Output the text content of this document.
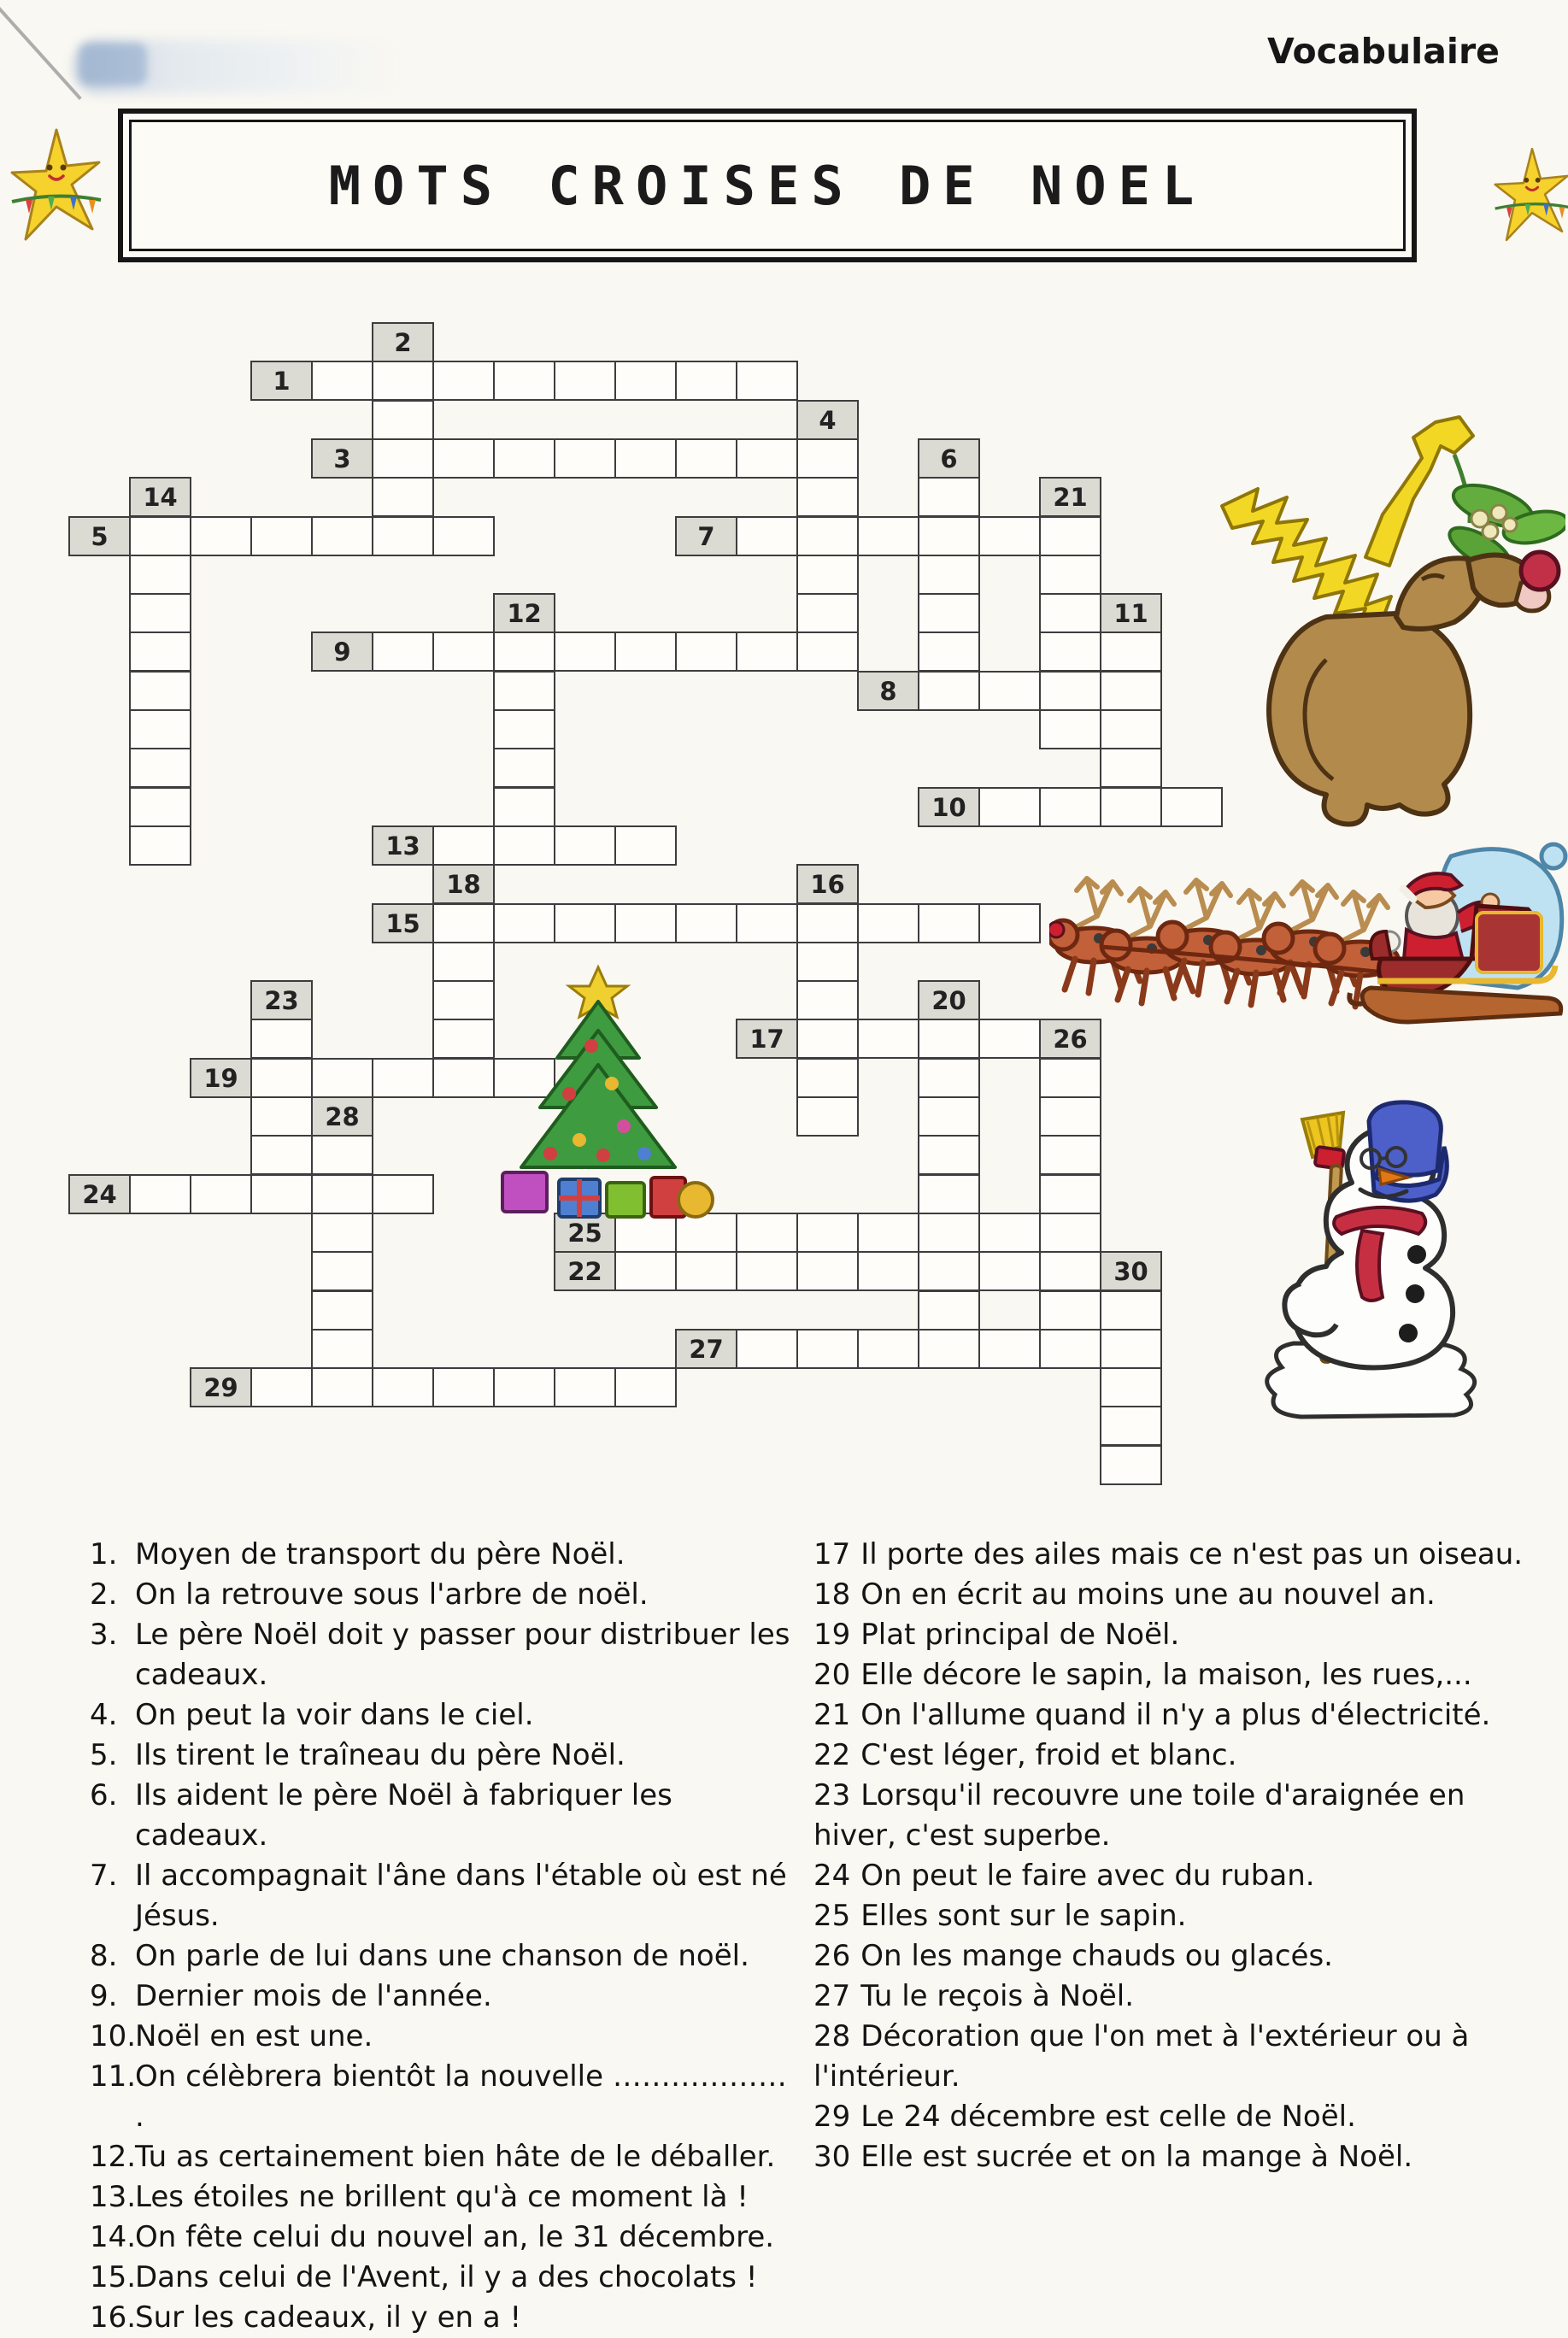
Vocabulaire
MOTS CROISES DE NOEL
1
2
3
4
5
6
7
8
9
10
11
12
13
14
15
16
17
18
19
20
21
22
23
24
25
26
27
28
29
30

1. Moyen de transport du père Noël.

2. On la retrouve sous l'arbre de noël.

3. Le père Noël doit y passer pour distribuer les cadeaux.

4. On peut la voir dans le ciel.

5. Ils tirent le traîneau du père Noël.

6. Ils aident le père Noël à fabriquer les cadeaux.

7. Il accompagnait l'âne dans l'étable où est né Jésus.

8. On parle de lui dans une chanson de noël.

9. Dernier mois de l'année.

10.
Noël en est une.

11.
On célèbrera bientôt la nouvelle ……………… .

12.
Tu as certainement bien hâte de le déballer.

13.
Les étoiles ne brillent qu'à ce moment là !

14.
On fête celui du nouvel an, le 31 décembre.

15.
Dans celui de l'Avent, il y a des chocolats !

16.
Sur les cadeaux, il y en a !

17 Il porte des ailes mais ce n'est pas un oiseau.

18 On en écrit au moins une au nouvel an.

19 Plat principal de Noël.

20 Elle décore le sapin, la maison, les rues,...

21 On l'allume quand il n'y a plus d'électricité.

22 C'est léger, froid et blanc.

23 Lorsqu'il recouvre une toile d'araignée en hiver, c'est superbe.

24 On peut le faire avec du ruban.

25 Elles sont sur le sapin.

26 On les mange chauds ou glacés.

27 Tu le reçois à Noël.

28 Décoration que l'on met à l'extérieur ou à l'intérieur.

29 Le 24 décembre est celle de Noël.

30 Elle est sucrée et on la mange à Noël.
